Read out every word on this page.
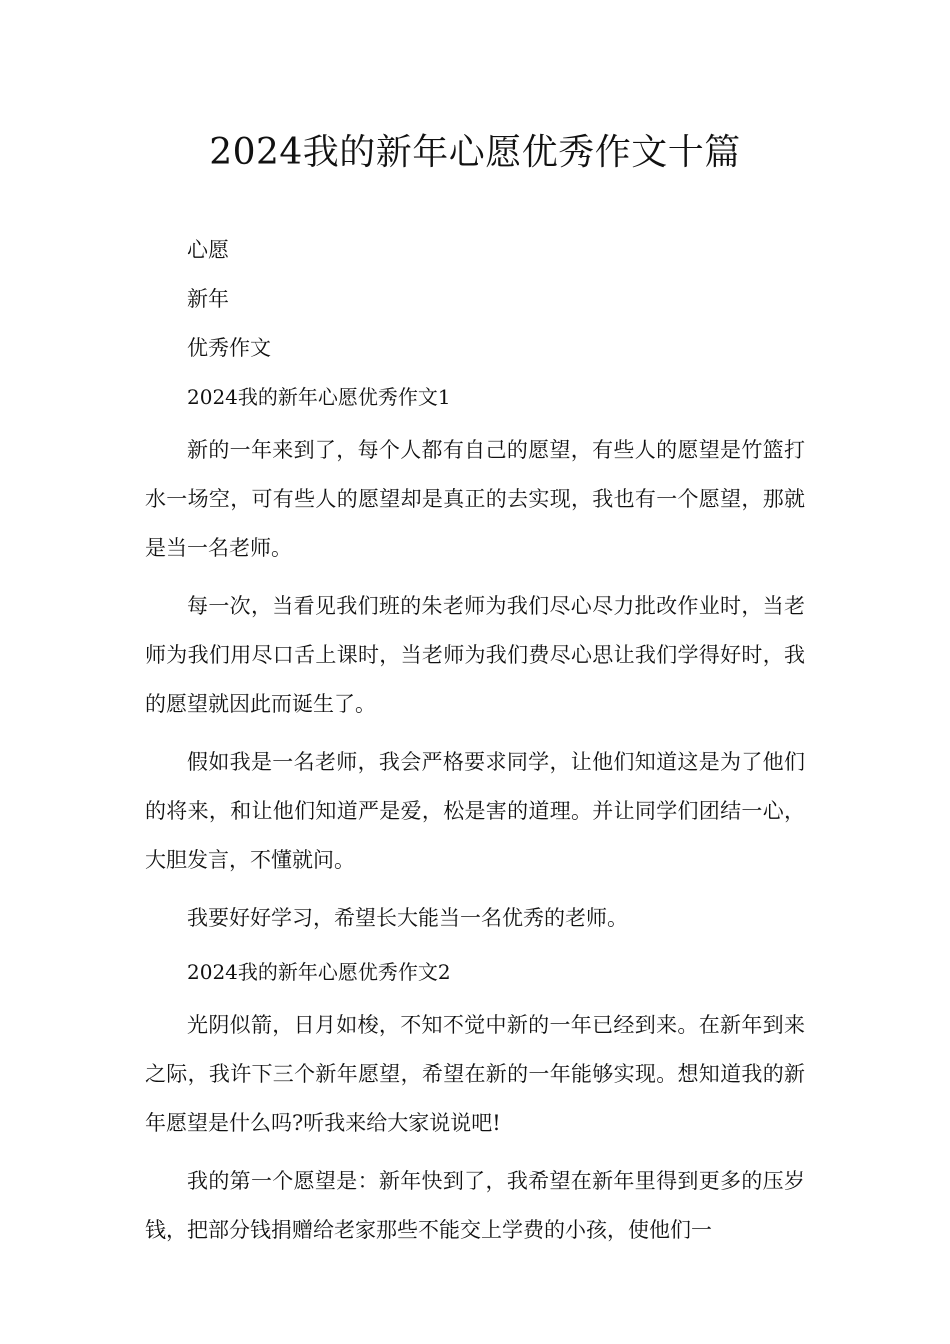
2024我的新年心愿优秀作文十篇

心愿

新年

优秀作文

2024我的新年心愿优秀作文1

新的一年来到了，每个人都有自己的愿望，有些人的愿望是竹篮打水一场空，可有些人的愿望却是真正的去实现，我也有一个愿望，那就是当一名老师。

每一次，当看见我们班的朱老师为我们尽心尽力批改作业时，当老师为我们用尽口舌上课时，当老师为我们费尽心思让我们学得好时，我的愿望就因此而诞生了。

假如我是一名老师，我会严格要求同学，让他们知道这是为了他们的将来，和让他们知道严是爱，松是害的道理。并让同学们团结一心，大胆发言，不懂就问。

我要好好学习，希望长大能当一名优秀的老师。

2024我的新年心愿优秀作文2

光阴似箭，日月如梭，不知不觉中新的一年已经到来。在新年到来之际，我许下三个新年愿望，希望在新的一年能够实现。想知道我的新年愿望是什么吗?听我来给大家说说吧!

我的第一个愿望是：新年快到了，我希望在新年里得到更多的压岁钱，把部分钱捐赠给老家那些不能交上学费的小孩，使他们一
